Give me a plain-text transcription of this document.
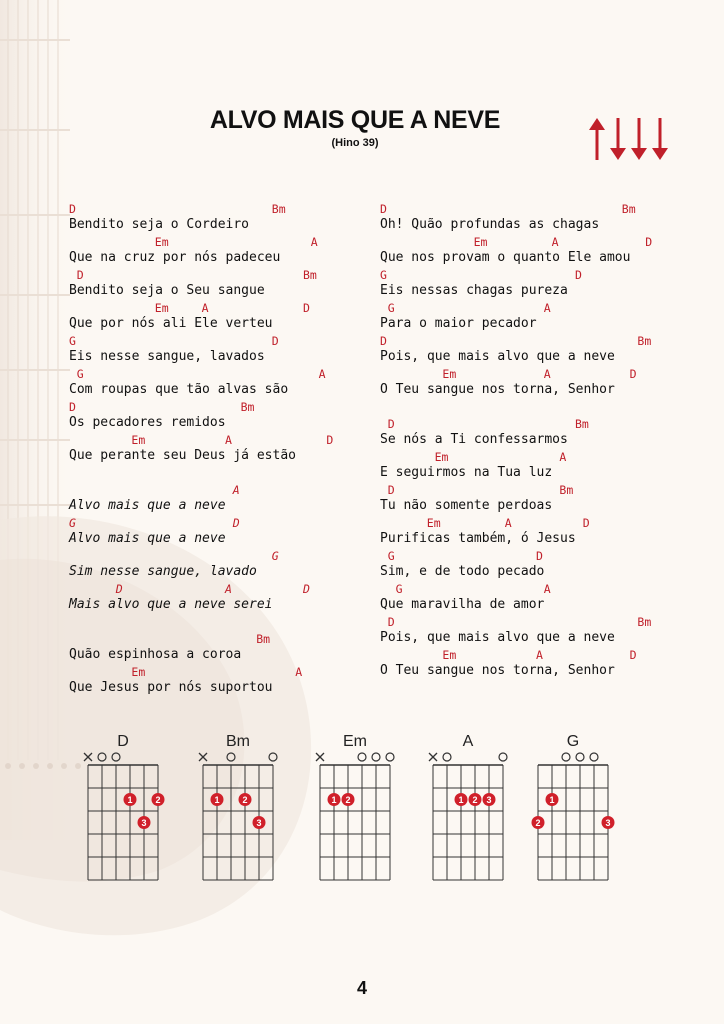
ALVO MAIS QUE A NEVE
(Hino 39)
D	Bm
Bendito seja o Cordeiro
Em	A
Que na cruz por nós padeceu
D	Bm
Bendito seja o Seu sangue
Em	A	D
Que por nós ali Ele verteu
G	D
Eis nesse sangue, lavados
G	A
Com roupas que tão alvas são
D	Bm
Os pecadores remidos
Em	A	D
Que perante seu Deus já estão
A
Alvo mais que a neve
G	D
Alvo mais que a neve
G
Sim nesse sangue, lavado
D	A	D
Mais alvo que a neve serei
Bm
Quão espinhosa a coroa
Em	A
Que Jesus por nós suportou
D	Bm
Oh! Quão profundas as chagas
Em	A	D
Que nos provam o quanto Ele amou
G	D
Eis nessas chagas pureza
G	A
Para o maior pecador
D	Bm
Pois, que mais alvo que a neve
Em	A	D
O Teu sangue nos torna, Senhor
D	Bm
Se nós a Ti confessarmos
Em	A
E seguirmos na Tua luz
D	Bm
Tu não somente perdoas
Em	A	D
Purificas também, ó Jesus
G	D
Sim, e de todo pecado
G	A
Que maravilha de amor
D	Bm
Pois, que mais alvo que a neve
Em	A	D
O Teu sangue nos torna, Senhor
D
1	2
3
Bm
1	2
3
Em
1 2
A
1 2 3
G
1
2	3
4
